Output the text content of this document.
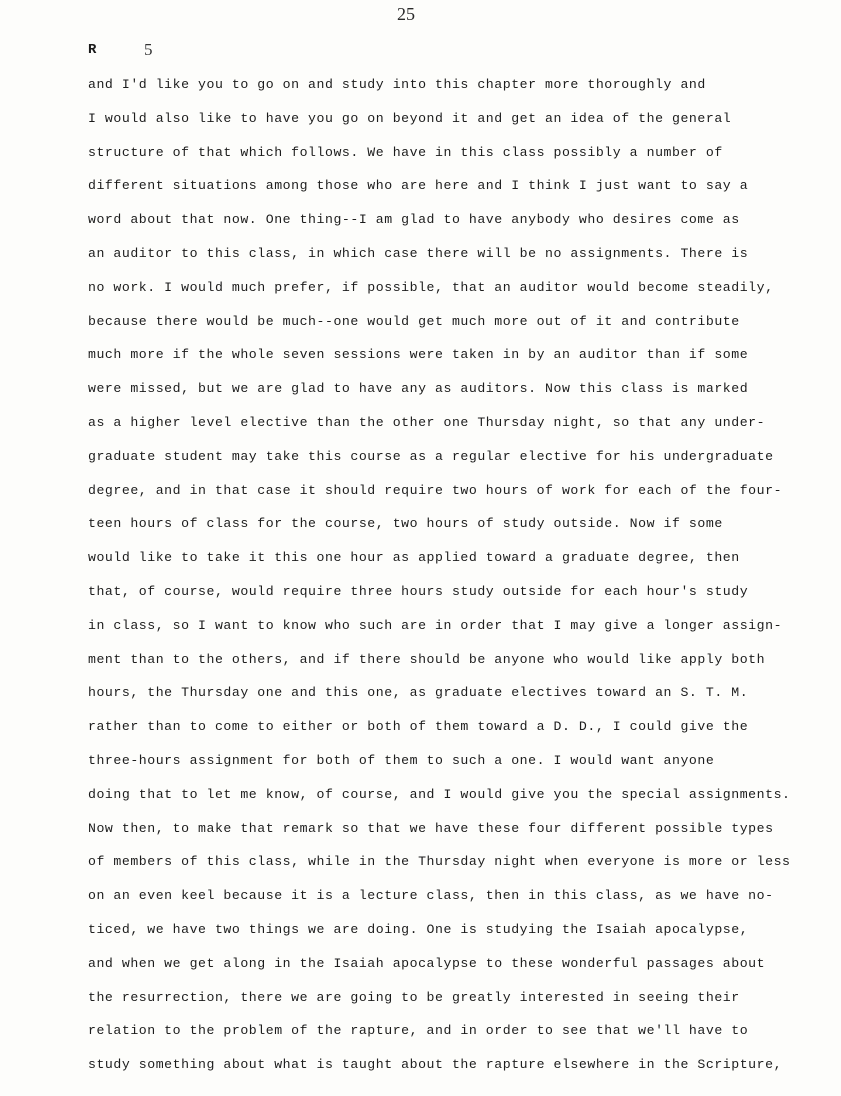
25
R	5
and I'd like you to go on and study into this chapter more thoroughly and
I would also like to have you go on beyond it and get an idea of the general
structure of that which follows. We have in this class possibly a number of
different situations among those who are here and I think I just want to say a
word about that now. One thing--I am glad to have anybody who desires come as
an auditor to this class, in which case there will be no assignments. There is
no work. I would much prefer, if possible, that an auditor would become steadily,
because there would be much--one would get much more out of it and contribute
much more if the whole seven sessions were taken in by an auditor than if some
were missed, but we are glad to have any as auditors. Now this class is marked
as a higher level elective than the other one Thursday night, so that any under-
graduate student may take this course as a regular elective for his undergraduate
degree, and in that case it should require two hours of work for each of the four-
teen hours of class for the course, two hours of study outside. Now if some
would like to take it this one hour as applied toward a graduate degree, then
that, of course, would require three hours study outside for each hour's study
in class, so I want to know who such are in order that I may give a longer assign-
ment than to the others, and if there should be anyone who would like apply both
hours, the Thursday one and this one, as graduate electives toward an S. T. M.
rather than to come to either or both of them toward a D. D., I could give the
three-hours assignment for both of them to such a one. I would want anyone
doing that to let me know, of course, and I would give you the special assignments.
Now then, to make that remark so that we have these four different possible types
of members of this class, while in the Thursday night when everyone is more or less
on an even keel because it is a lecture class, then in this class, as we have no-
ticed, we have two things we are doing. One is studying the Isaiah apocalypse,
and when we get along in the Isaiah apocalypse to these wonderful passages about
the resurrection, there we are going to be greatly interested in seeing their
relation to the problem of the rapture, and in order to see that we'll have to
study something about what is taught about the rapture elsewhere in the Scripture,
